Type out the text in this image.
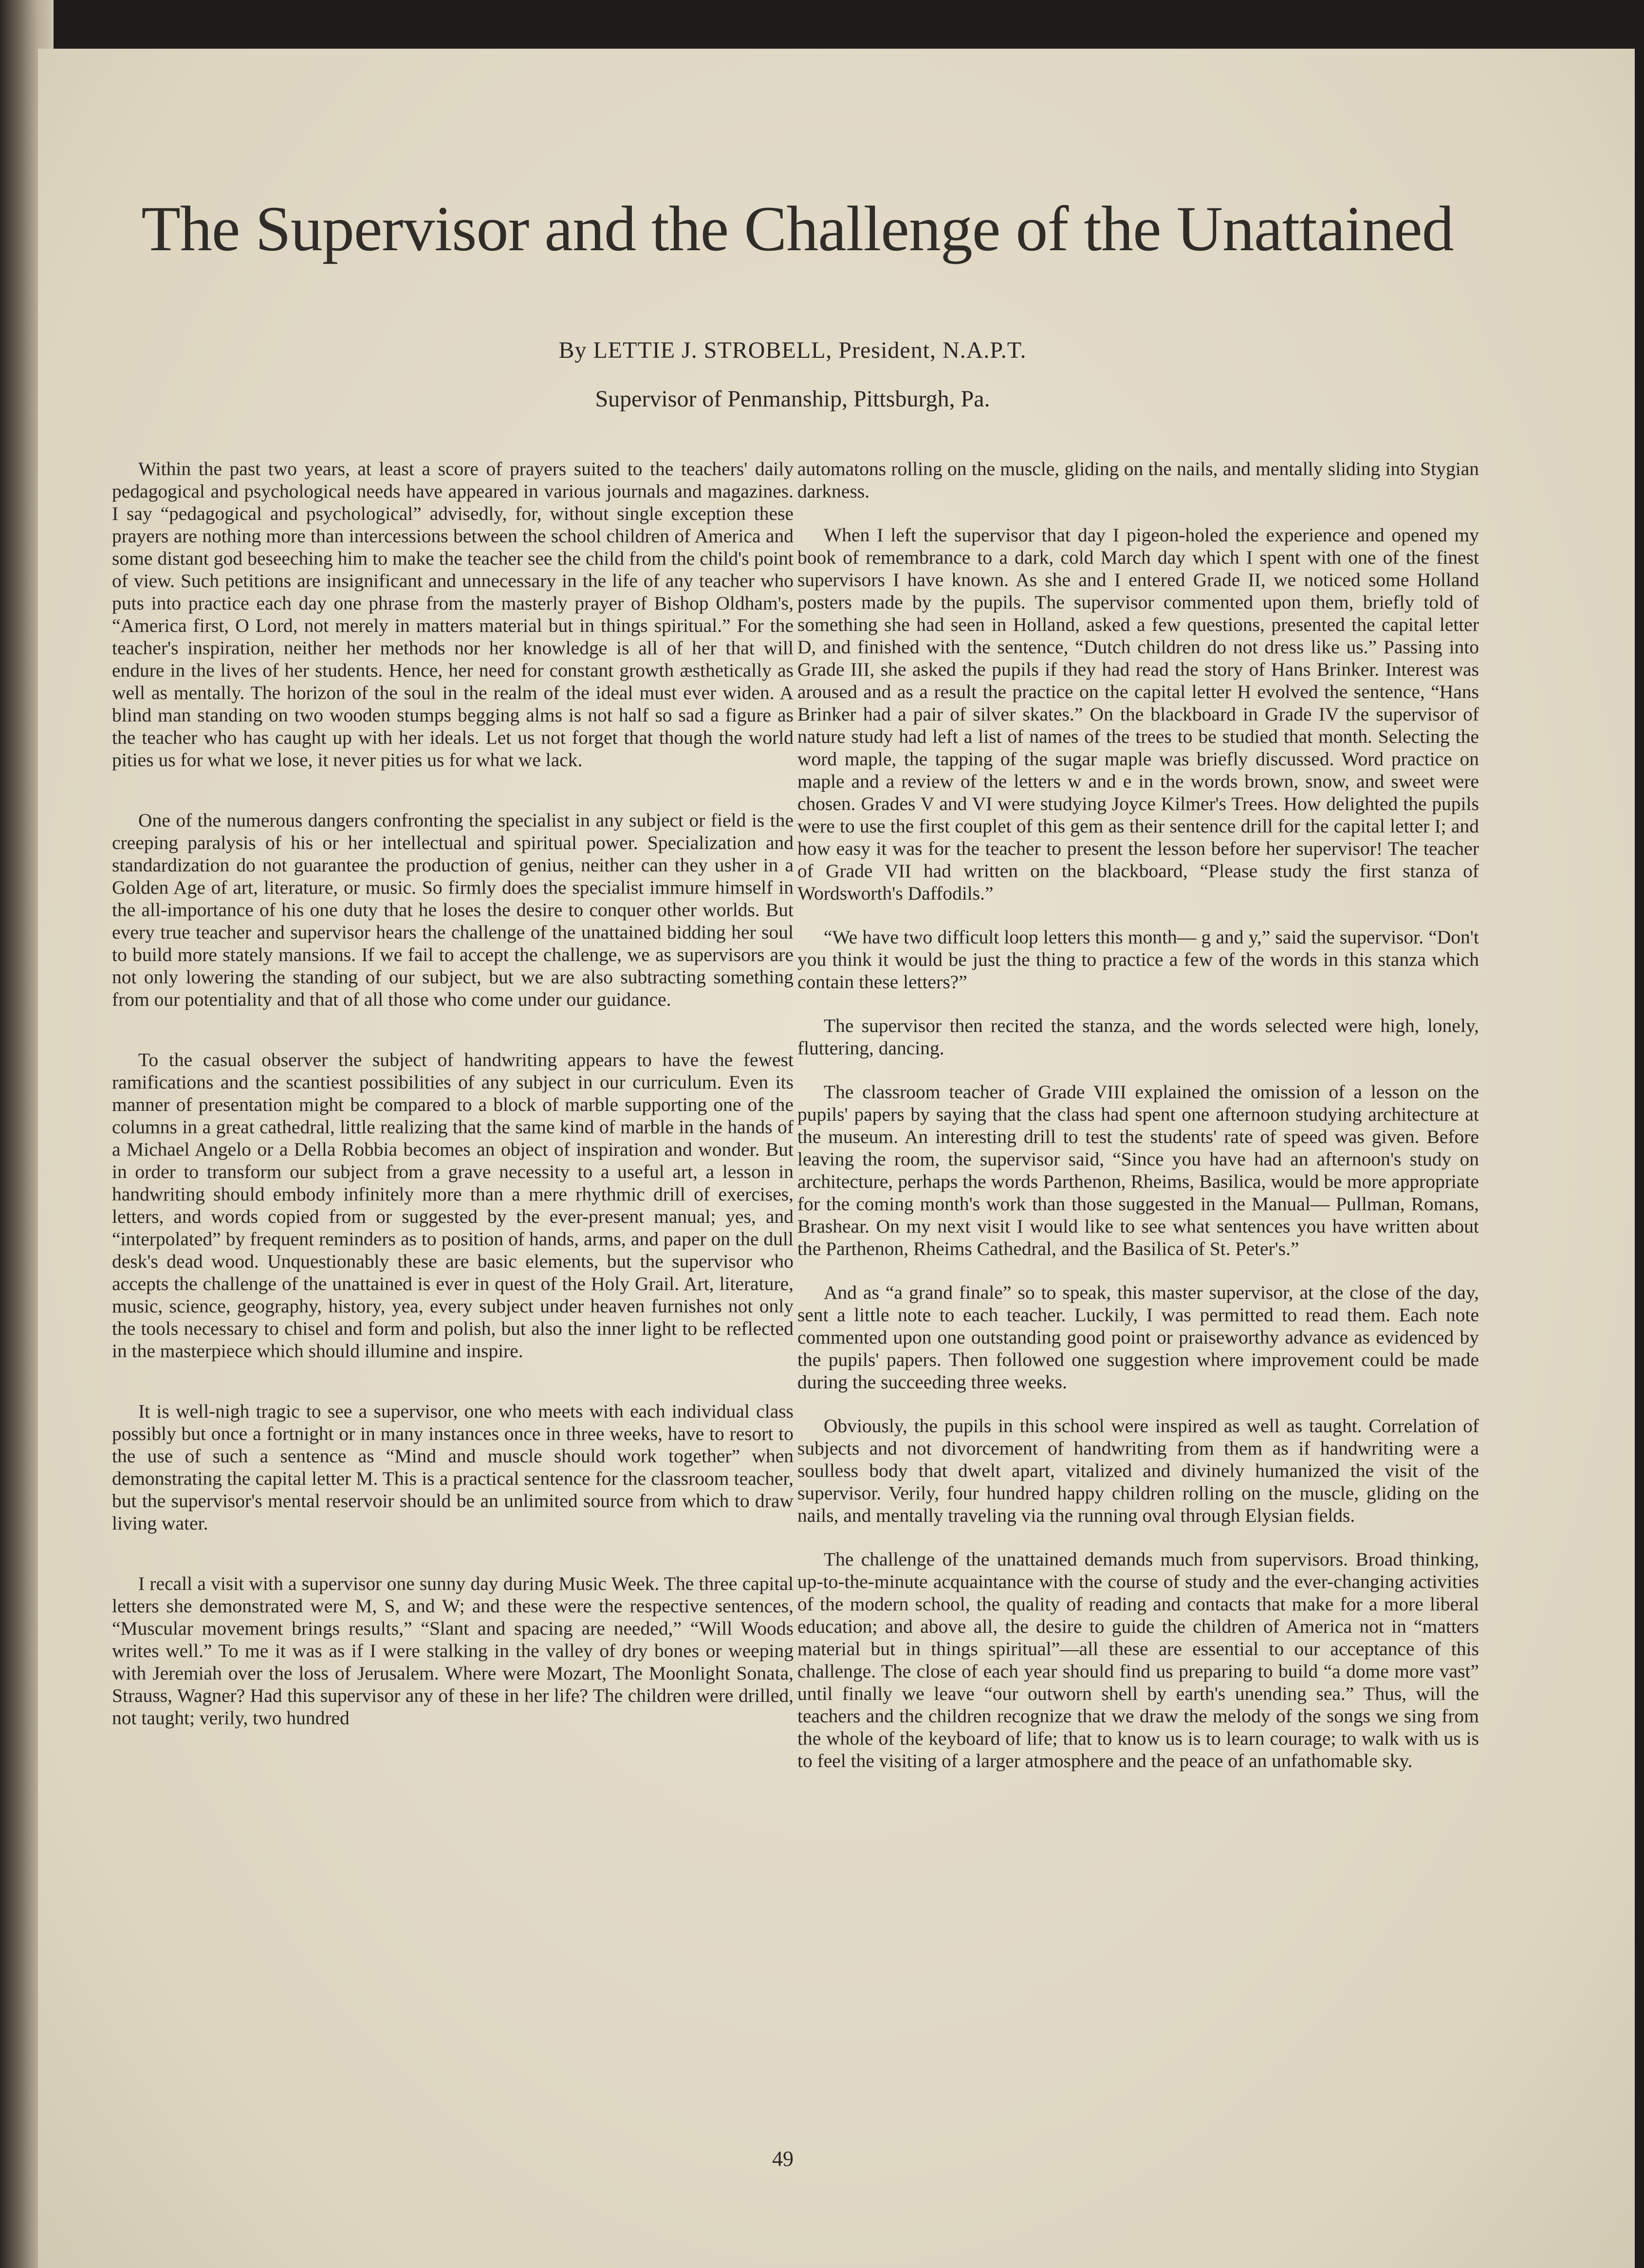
The Supervisor and the Challenge of the Unattained

By LETTIE J. STROBELL, President, N.A.P.T.

Supervisor of Penmanship, Pittsburgh, Pa.

Within the past two years, at least a score of prayers suited to the teachers' daily pedagogical and psychological needs have appeared in various journals and magazines. I say “pedagogical and psychological” advisedly, for, without single exception these prayers are nothing more than intercessions between the school children of America and some distant god beseeching him to make the teacher see the child from the child's point of view. Such petitions are insignificant and unnecessary in the life of any teacher who puts into practice each day one phrase from the masterly prayer of Bishop Oldham's, “America first, O Lord, not merely in matters material but in things spiritual.” For the teacher's inspiration, neither her methods nor her knowledge is all of her that will endure in the lives of her students. Hence, her need for constant growth æsthetically as well as mentally. The horizon of the soul in the realm of the ideal must ever widen. A blind man standing on two wooden stumps begging alms is not half so sad a figure as the teacher who has caught up with her ideals. Let us not forget that though the world pities us for what we lose, it never pities us for what we lack.

One of the numerous dangers confronting the specialist in any subject or field is the creeping paralysis of his or her intellectual and spiritual power. Specialization and standardization do not guarantee the production of genius, neither can they usher in a Golden Age of art, literature, or music. So firmly does the specialist immure himself in the all-importance of his one duty that he loses the desire to conquer other worlds. But every true teacher and supervisor hears the challenge of the unattained bidding her soul to build more stately mansions. If we fail to accept the challenge, we as supervisors are not only lowering the standing of our subject, but we are also subtracting something from our potentiality and that of all those who come under our guidance.

To the casual observer the subject of handwriting appears to have the fewest ramifications and the scantiest possibilities of any subject in our curriculum. Even its manner of presentation might be compared to a block of marble supporting one of the columns in a great cathedral, little realizing that the same kind of marble in the hands of a Michael Angelo or a Della Robbia becomes an object of inspiration and wonder. But in order to transform our subject from a grave necessity to a useful art, a lesson in handwriting should embody infinitely more than a mere rhythmic drill of exercises, letters, and words copied from or suggested by the ever-present manual; yes, and “interpolated” by frequent reminders as to position of hands, arms, and paper on the dull desk's dead wood. Unquestionably these are basic elements, but the supervisor who accepts the challenge of the unattained is ever in quest of the Holy Grail. Art, literature, music, science, geography, history, yea, every subject under heaven furnishes not only the tools necessary to chisel and form and polish, but also the inner light to be reflected in the masterpiece which should illumine and inspire.

It is well-nigh tragic to see a supervisor, one who meets with each individual class possibly but once a fortnight or in many instances once in three weeks, have to resort to the use of such a sentence as “Mind and muscle should work together” when demonstrating the capital letter M. This is a practical sentence for the classroom teacher, but the supervisor's mental reservoir should be an unlimited source from which to draw living water.

I recall a visit with a supervisor one sunny day during Music Week. The three capital letters she demonstrated were M, S, and W; and these were the respective sentences, “Muscular movement brings results,” “Slant and spacing are needed,” “Will Woods writes well.” To me it was as if I were stalking in the valley of dry bones or weeping with Jeremiah over the loss of Jerusalem. Where were Mozart, The Moonlight Sonata, Strauss, Wagner? Had this supervisor any of these in her life? The children were drilled, not taught; verily, two hundred

automatons rolling on the muscle, gliding on the nails, and mentally sliding into Stygian darkness.

When I left the supervisor that day I pigeon-holed the experience and opened my book of remembrance to a dark, cold March day which I spent with one of the finest supervisors I have known. As she and I entered Grade II, we noticed some Holland posters made by the pupils. The supervisor commented upon them, briefly told of something she had seen in Holland, asked a few questions, presented the capital letter D, and finished with the sentence, “Dutch children do not dress like us.” Passing into Grade III, she asked the pupils if they had read the story of Hans Brinker. Interest was aroused and as a result the practice on the capital letter H evolved the sentence, “Hans Brinker had a pair of silver skates.” On the blackboard in Grade IV the supervisor of nature study had left a list of names of the trees to be studied that month. Selecting the word maple, the tapping of the sugar maple was briefly discussed. Word practice on maple and a review of the letters w and e in the words brown, snow, and sweet were chosen. Grades V and VI were studying Joyce Kilmer's Trees. How delighted the pupils were to use the first couplet of this gem as their sentence drill for the capital letter I; and how easy it was for the teacher to present the lesson before her supervisor! The teacher of Grade VII had written on the blackboard, “Please study the first stanza of Wordsworth's Daffodils.”

“We have two difficult loop letters this month— g and y,” said the supervisor. “Don't you think it would be just the thing to practice a few of the words in this stanza which contain these letters?”

The supervisor then recited the stanza, and the words selected were high, lonely, fluttering, dancing.

The classroom teacher of Grade VIII explained the omission of a lesson on the pupils' papers by saying that the class had spent one afternoon studying architecture at the museum. An interesting drill to test the students' rate of speed was given. Before leaving the room, the supervisor said, “Since you have had an afternoon's study on architecture, perhaps the words Parthenon, Rheims, Basilica, would be more appropriate for the coming month's work than those suggested in the Manual— Pullman, Romans, Brashear. On my next visit I would like to see what sentences you have written about the Parthenon, Rheims Cathedral, and the Basilica of St. Peter's.”

And as “a grand finale” so to speak, this master supervisor, at the close of the day, sent a little note to each teacher. Luckily, I was permitted to read them. Each note commented upon one outstanding good point or praiseworthy advance as evidenced by the pupils' papers. Then followed one suggestion where improvement could be made during the succeeding three weeks.

Obviously, the pupils in this school were inspired as well as taught. Correlation of subjects and not divorcement of handwriting from them as if handwriting were a soulless body that dwelt apart, vitalized and divinely humanized the visit of the supervisor. Verily, four hundred happy children rolling on the muscle, gliding on the nails, and mentally traveling via the running oval through Elysian fields.

The challenge of the unattained demands much from supervisors. Broad thinking, up-to-the-minute acquaintance with the course of study and the ever-changing activities of the modern school, the quality of reading and contacts that make for a more liberal education; and above all, the desire to guide the children of America not in “matters material but in things spiritual”—all these are essential to our acceptance of this challenge. The close of each year should find us preparing to build “a dome more vast” until finally we leave “our outworn shell by earth's unending sea.” Thus, will the teachers and the children recognize that we draw the melody of the songs we sing from the whole of the keyboard of life; that to know us is to learn courage; to walk with us is to feel the visiting of a larger atmosphere and the peace of an unfathomable sky.

49
